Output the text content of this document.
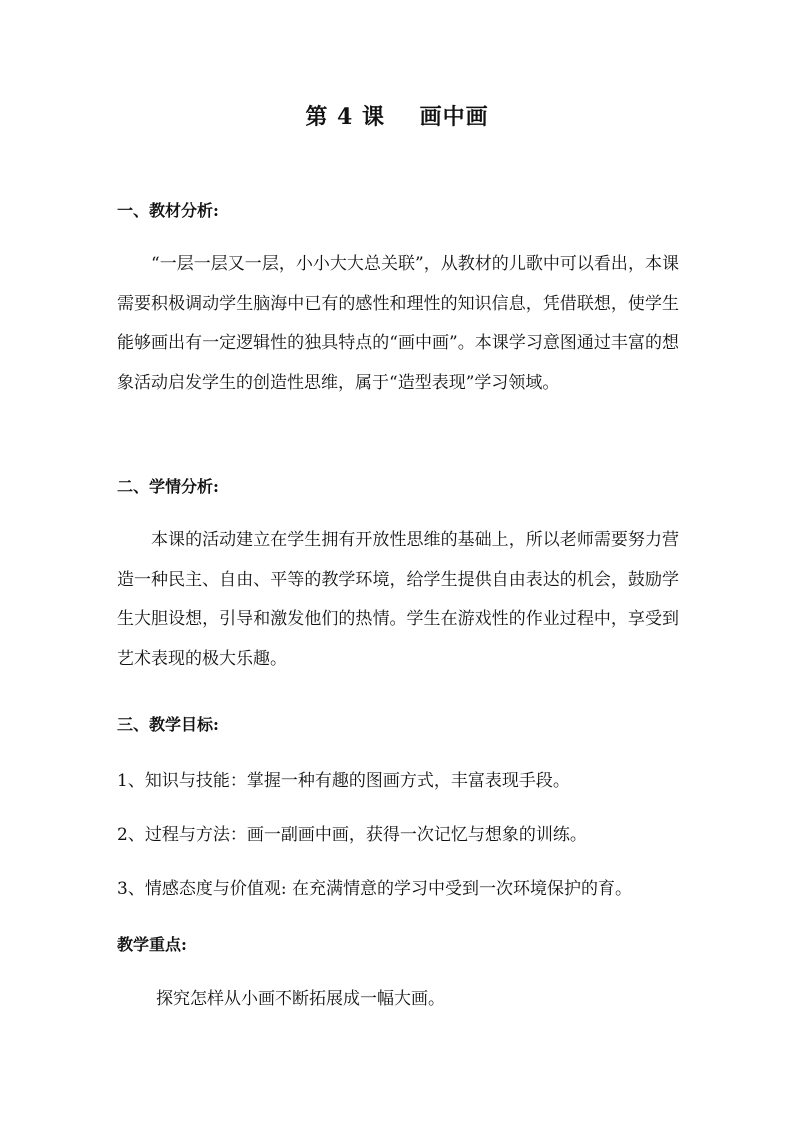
第 4 课    画中画
一、教材分析:

“一层一层又一层，小小大大总关联”，从教材的儿歌中可以看出，本课需要积极调动学生脑海中已有的感性和理性的知识信息，凭借联想，使学生能够画出有一定逻辑性的独具特点的“画中画”。本课学习意图通过丰富的想象活动启发学生的创造性思维，属于“造型表现”学习领域。

二、学情分析:

本课的活动建立在学生拥有开放性思维的基础上，所以老师需要努力营造一种民主、自由、平等的教学环境，给学生提供自由表达的机会，鼓励学生大胆设想，引导和激发他们的热情。学生在游戏性的作业过程中，享受到艺术表现的极大乐趣。

三、教学目标:
1、知识与技能：掌握一种有趣的图画方式，丰富表现手段。
2、过程与方法：画一副画中画，获得一次记忆与想象的训练。
3、情感态度与价值观: 在充满情意的学习中受到一次环境保护的育。
教学重点:
探究怎样从小画不断拓展成一幅大画。
